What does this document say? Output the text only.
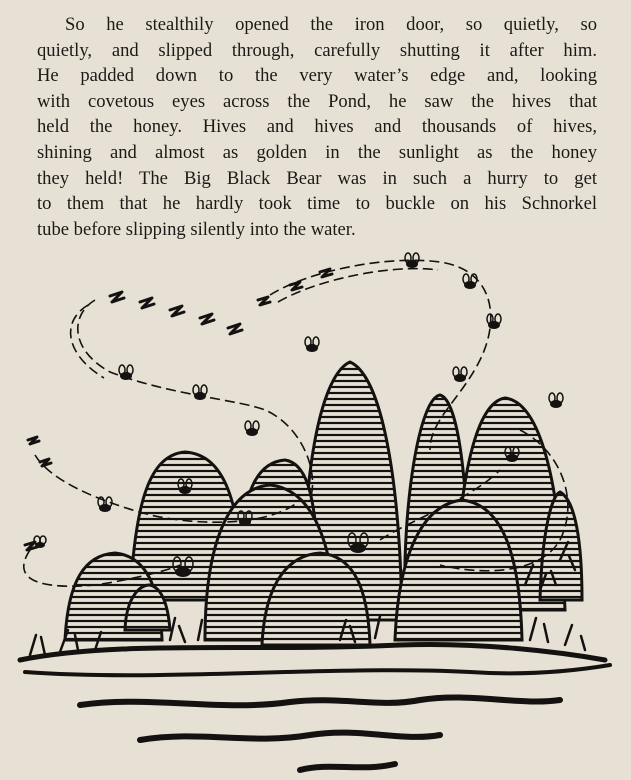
So he stealthily opened the iron door, so quietly, so
quietly, and slipped through, carefully shutting it after him.
He padded down to the very water’s edge and, looking
with covetous eyes across the Pond, he saw the hives that
held the honey. Hives and hives and thousands of hives,
shining and almost as golden in the sunlight as the honey
they held! The Big Black Bear was in such a hurry to get
to them that he hardly took time to buckle on his Schnorkel
tube before slipping silently into the water.
